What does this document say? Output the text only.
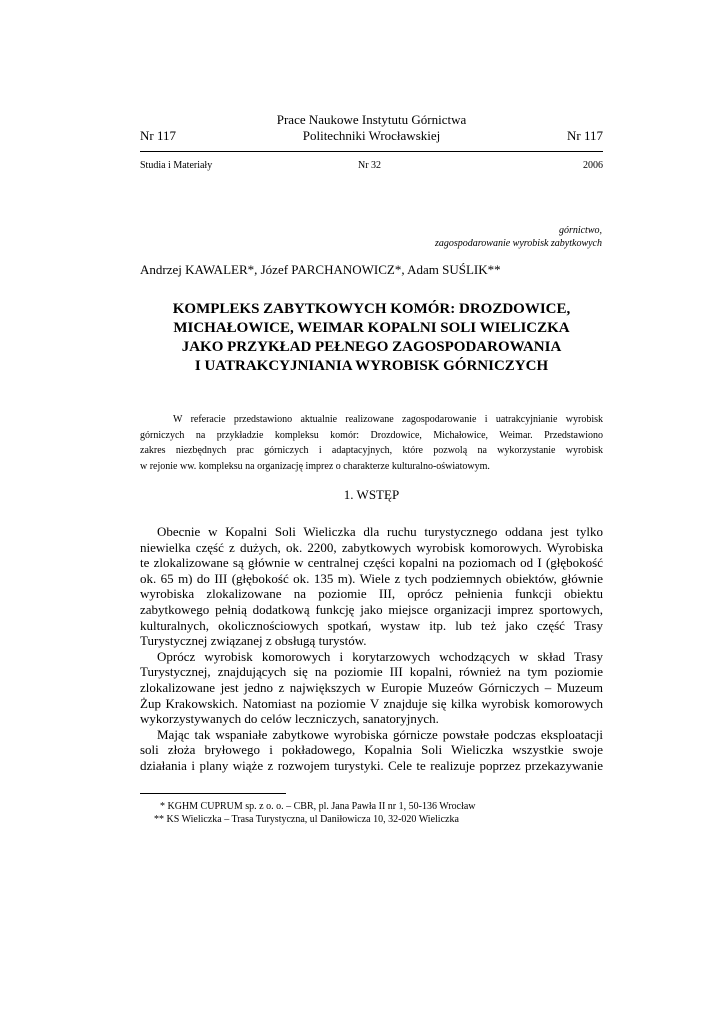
Prace Naukowe Instytutu Górnictwa
Nr 117	Politechniki Wrocławskiej	Nr 117
Studia i Materiały	Nr 32	2006
górnictwo,
zagospodarowanie wyrobisk zabytkowych
Andrzej KAWALER*, Józef PARCHANOWICZ*, Adam SUŚLIK**
KOMPLEKS ZABYTKOWYCH KOMÓR: DROZDOWICE,
MICHAŁOWICE, WEIMAR KOPALNI SOLI WIELICZKA
JAKO PRZYKŁAD PEŁNEGO ZAGOSPODAROWANIA
I UATRAKCYJNIANIA WYROBISK GÓRNICZYCH
W referacie przedstawiono aktualnie realizowane zagospodarowanie i uatrakcyjnianie wyrobisk
górniczych na przykładzie kompleksu komór: Drozdowice, Michałowice, Weimar. Przedstawiono
zakres niezbędnych prac górniczych i adaptacyjnych, które pozwolą na wykorzystanie wyrobisk
w rejonie ww. kompleksu na organizację imprez o charakterze kulturalno-oświatowym.
1. WSTĘP
Obecnie w Kopalni Soli Wieliczka dla ruchu turystycznego oddana jest tylko
niewielka część z dużych, ok. 2200, zabytkowych wyrobisk komorowych. Wyrobiska
te zlokalizowane są głównie w centralnej części kopalni na poziomach od I (głębokość
ok. 65 m) do III (głębokość ok. 135 m). Wiele z tych podziemnych obiektów, głównie
wyrobiska zlokalizowane na poziomie III, oprócz pełnienia funkcji obiektu
zabytkowego pełnią dodatkową funkcję jako miejsce organizacji imprez sportowych,
kulturalnych, okolicznościowych spotkań, wystaw itp. lub też jako część Trasy
Turystycznej związanej z obsługą turystów.
Oprócz wyrobisk komorowych i korytarzowych wchodzących w skład Trasy
Turystycznej, znajdujących się na poziomie III kopalni, również na tym poziomie
zlokalizowane jest jedno z największych w Europie Muzeów Górniczych – Muzeum
Żup Krakowskich. Natomiast na poziomie V znajduje się kilka wyrobisk komorowych
wykorzystywanych do celów leczniczych, sanatoryjnych.
Mając tak wspaniałe zabytkowe wyrobiska górnicze powstałe podczas eksploatacji
soli złoża bryłowego i pokładowego, Kopalnia Soli Wieliczka wszystkie swoje
działania i plany wiąże z rozwojem turystyki. Cele te realizuje poprzez przekazywanie
* KGHM CUPRUM sp. z o. o. – CBR, pl. Jana Pawła II nr 1, 50-136 Wrocław
** KS Wieliczka – Trasa Turystyczna, ul Daniłowicza 10, 32-020 Wieliczka
